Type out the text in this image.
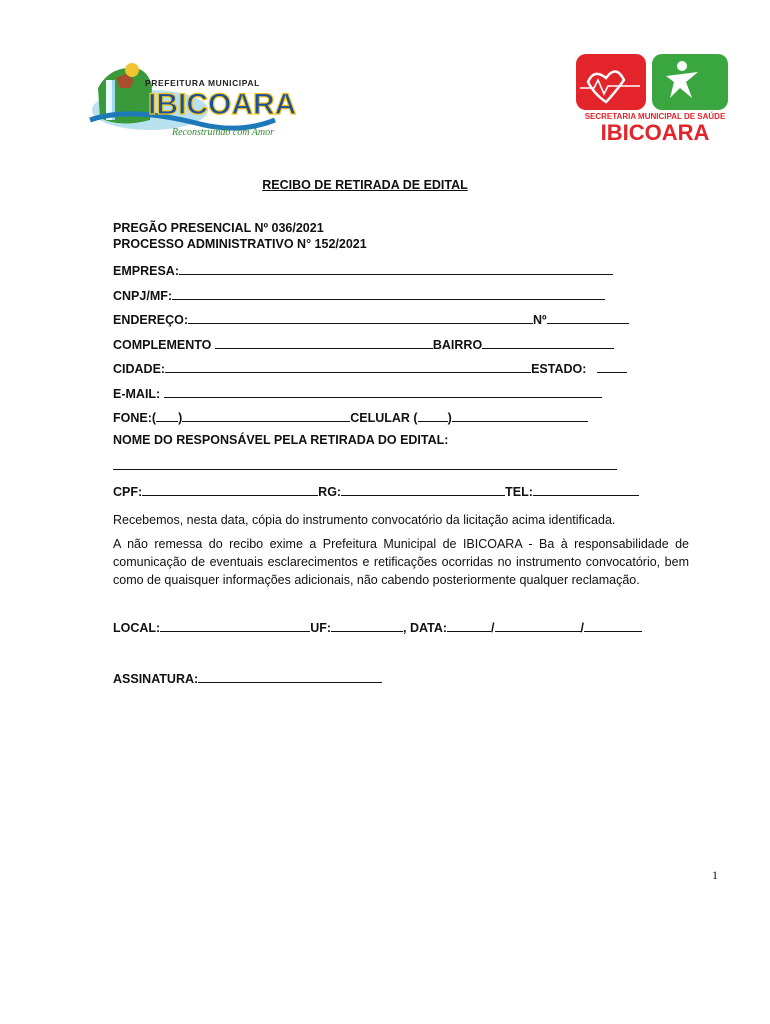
PREFEITURA MUNICIPAL
IBICOARA
Reconstruindo com Amor
SECRETARIA MUNICIPAL DE SAÚDE
IBICOARA
RECIBO DE RETIRADA DE EDITAL
PREGÃO PRESENCIAL Nº 036/2021
PROCESSO ADMINISTRATIVO N° 152/2021
EMPRESA:
CNPJ/MF:
ENDEREÇO:	Nº
COMPLEMENTO	BAIRRO
CIDADE:	ESTADO:
E-MAIL:
FONE:( )	CELULAR ( )
NOME DO RESPONSÁVEL PELA RETIRADA DO EDITAL:
CPF:	RG:	TEL:
Recebemos, nesta data, cópia do instrumento convocatório da licitação acima identificada.
A não remessa do recibo exime a Prefeitura Municipal de IBICOARA - Ba à responsabilidade de comunicação de eventuais esclarecimentos e retificações ocorridas no instrumento convocatório, bem como de quaisquer informações adicionais, não cabendo posteriormente qualquer reclamação.
LOCAL:	UF:	, DATA:	/	/
ASSINATURA:
1
